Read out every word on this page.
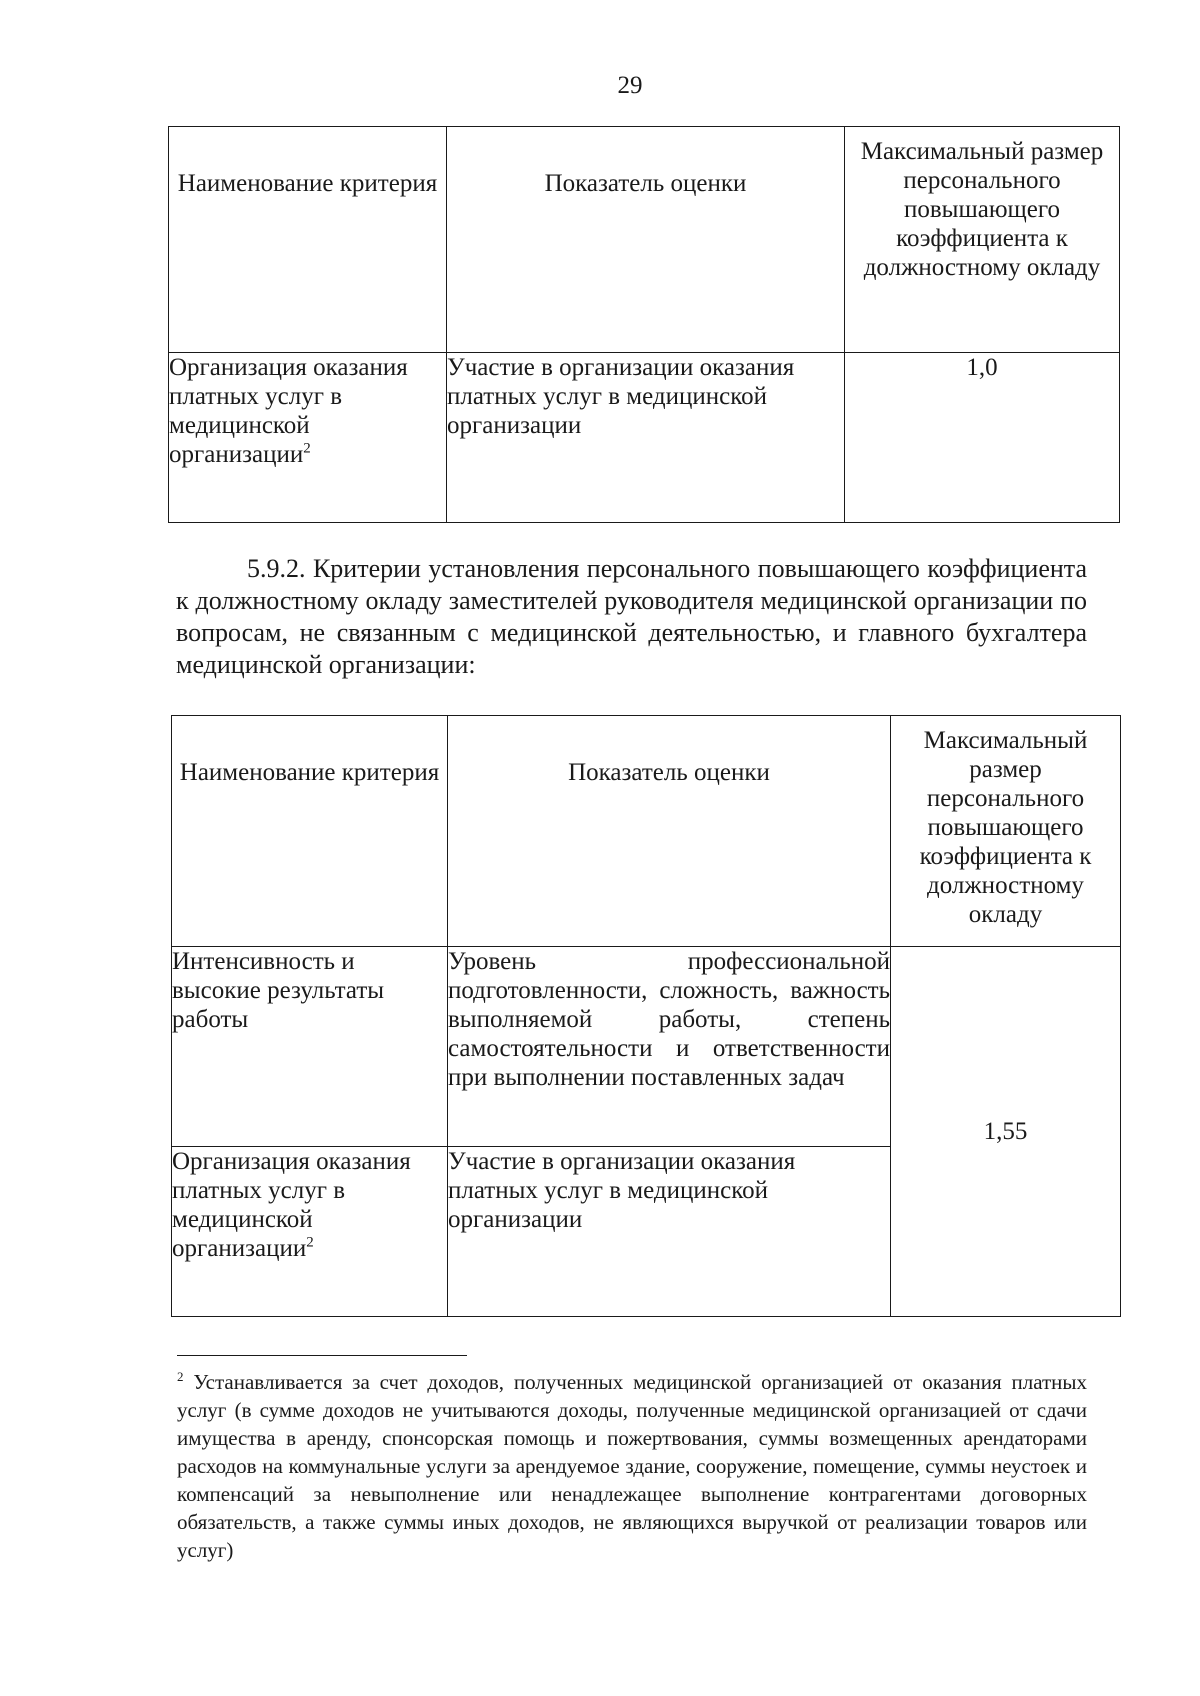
29
Наименование критерия	Показатель оценки	Максимальный размер персонального повышающего коэффициента к должностному окладу
Организация оказания платных услуг в медицинской организации$^2$	Участие в организации оказания платных услуг в медицинской организации	1,0
5.9.2. Критерии установления персонального повышающего коэффициента к должностному окладу заместителей руководителя медицинской организации по вопросам, не связанным с медицинской деятельностью, и главного бухгалтера медицинской организации:
Наименование критерия	Показатель оценки	Максимальный размер персонального повышающего коэффициента к должностному окладу
Интенсивность и высокие результаты работы	Уровень профессиональной подготовленности, сложность, важность выполняемой работы, степень самостоятельности и ответственности при выполнении поставленных задач	1,55
Организация оказания платных услуг в медицинской организации$^2$	Участие в организации оказания платных услуг в медицинской организации	
$^2$ Устанавливается за счет доходов, полученных медицинской организацией от оказания платных услуг (в сумме доходов не учитываются доходы, полученные медицинской организацией от сдачи имущества в аренду, спонсорская помощь и пожертвования, суммы возмещенных арендаторами расходов на коммунальные услуги за арендуемое здание, сооружение, помещение, суммы неустоек и компенсаций за невыполнение или ненадлежащее выполнение контрагентами договорных обязательств, а также суммы иных доходов, не являющихся выручкой от реализации товаров или услуг)
